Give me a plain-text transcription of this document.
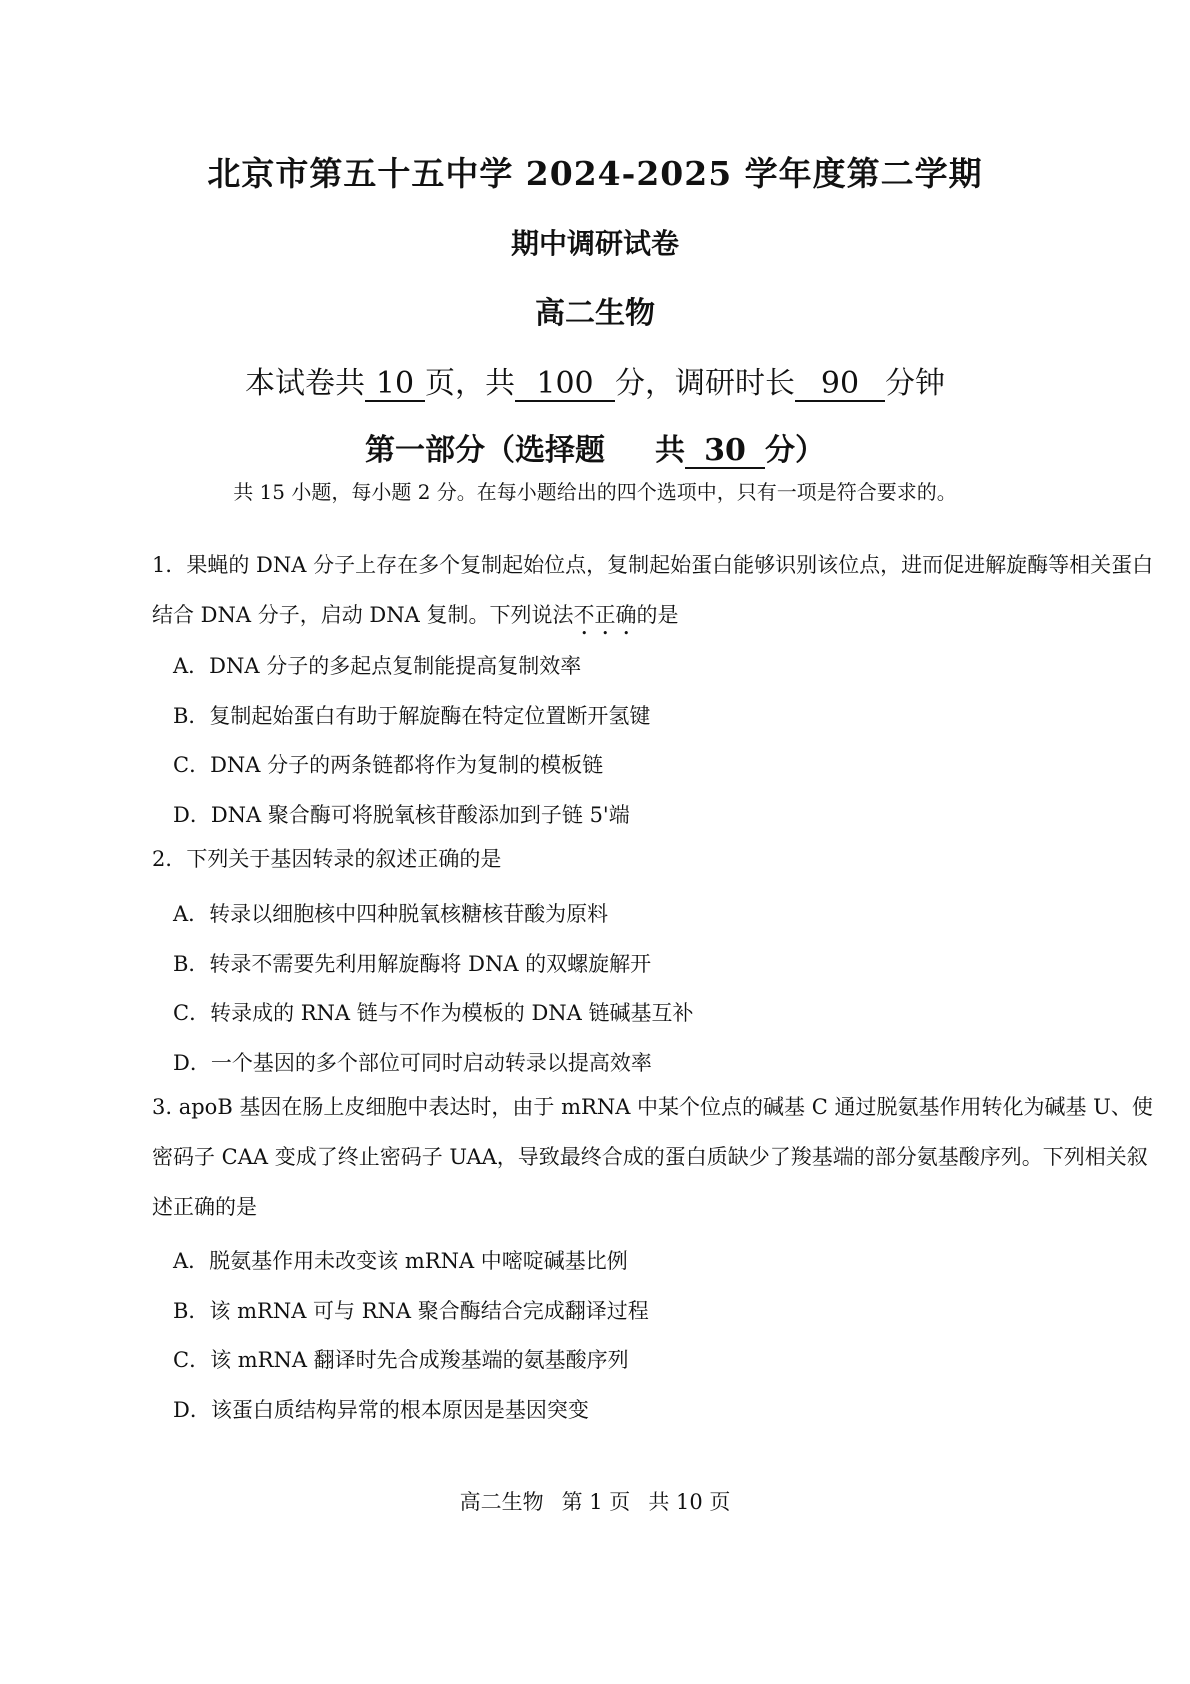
北京市第五十五中学 2024-2025 学年度第二学期
期中调研试卷
高二生物
本试卷共 10 页，共 100 分，调研时长 90 分钟
第一部分（选择题 共 30 分）
共 15 小题，每小题 2 分。在每小题给出的四个选项中，只有一项是符合要求的。
1．果蝇的 DNA 分子上存在多个复制起始位点，复制起始蛋白能够识别该位点，进而促进解旋酶等相关蛋白结合 DNA 分子，启动 DNA 复制。下列说法不正确的是
A．DNA 分子的多起点复制能提高复制效率
B．复制起始蛋白有助于解旋酶在特定位置断开氢键
C．DNA 分子的两条链都将作为复制的模板链
D．DNA 聚合酶可将脱氧核苷酸添加到子链 5'端
2．下列关于基因转录的叙述正确的是
A．转录以细胞核中四种脱氧核糖核苷酸为原料
B．转录不需要先利用解旋酶将 DNA 的双螺旋解开
C．转录成的 RNA 链与不作为模板的 DNA 链碱基互补
D．一个基因的多个部位可同时启动转录以提高效率
3. apoB 基因在肠上皮细胞中表达时，由于 mRNA 中某个位点的碱基 C 通过脱氨基作用转化为碱基 U、使密码子 CAA 变成了终止密码子 UAA，导致最终合成的蛋白质缺少了羧基端的部分氨基酸序列。下列相关叙述正确的是
A．脱氨基作用未改变该 mRNA 中嘧啶碱基比例
B．该 mRNA 可与 RNA 聚合酶结合完成翻译过程
C．该 mRNA 翻译时先合成羧基端的氨基酸序列
D．该蛋白质结构异常的根本原因是基因突变
高二生物 第 1 页 共 10 页
